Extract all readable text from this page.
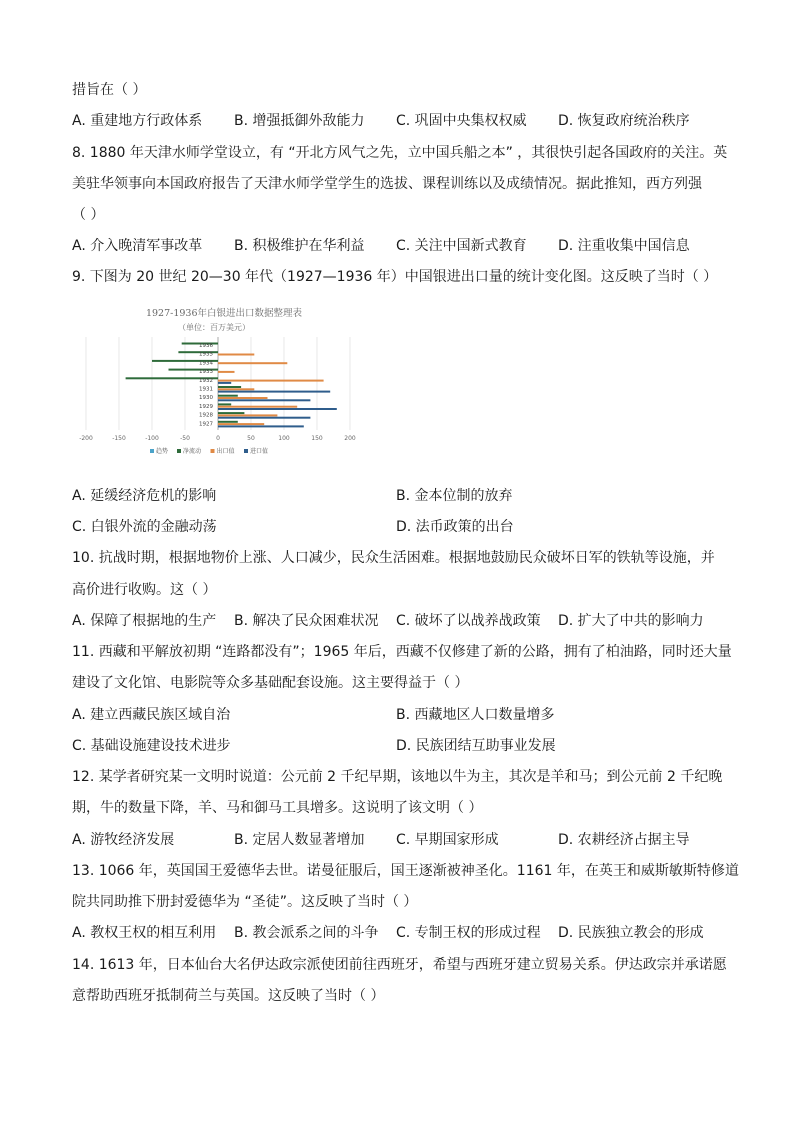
措旨在（ ）
A. 重建地方行政体系 B. 增强抵御外敌能力 C. 巩固中央集权权威 D. 恢复政府统治秩序
8. 1880 年天津水师学堂设立，有 “开北方风气之先，立中国兵船之本” ，其很快引起各国政府的关注。英
美驻华领事向本国政府报告了天津水师学堂学生的选拔、课程训练以及成绩情况。据此推知，西方列强
（ ）
A. 介入晚清军事改革 B. 积极维护在华利益 C. 关注中国新式教育 D. 注重收集中国信息
9. 下图为 20 世纪 20—30 年代（1927—1936 年）中国银进出口量的统计变化图。这反映了当时（ ）
1927-1936年白银进出口数据整理表
（单位：百万美元）
1936
1935
1934
1933
1932
1931
1930
1929
1928
1927
-200	-150	-100	-50	0	50	100	150	200
趋势 净流动	出口值	进口值
A. 延缓经济危机的影响	B. 金本位制的放弃
C. 白银外流的金融动荡	D. 法币政策的出台
10. 抗战时期，根据地物价上涨、人口减少，民众生活困难。根据地鼓励民众破坏日军的铁轨等设施，并
高价进行收购。这（ ）
A. 保障了根据地的生产 B. 解决了民众困难状况 C. 破坏了以战养战政策 D. 扩大了中共的影响力
11. 西藏和平解放初期 “连路都没有”；1965 年后，西藏不仅修建了新的公路，拥有了柏油路，同时还大量
建设了文化馆、电影院等众多基础配套设施。这主要得益于（ ）
A. 建立西藏民族区域自治	B. 西藏地区人口数量增多
C. 基础设施建设技术进步	D. 民族团结互助事业发展
12. 某学者研究某一文明时说道：公元前 2 千纪早期，该地以牛为主，其次是羊和马；到公元前 2 千纪晚
期，牛的数量下降，羊、马和御马工具增多。这说明了该文明（ ）
A. 游牧经济发展	B. 定居人数显著增加 C. 早期国家形成	D. 农耕经济占据主导
13. 1066 年，英国国王爱德华去世。诺曼征服后，国王逐渐被神圣化。1161 年，在英王和威斯敏斯特修道
院共同助推下册封爱德华为 “圣徒”。这反映了当时（ ）
A. 教权王权的相互利用 B. 教会派系之间的斗争 C. 专制王权的形成过程 D. 民族独立教会的形成
14. 1613 年，日本仙台大名伊达政宗派使团前往西班牙，希望与西班牙建立贸易关系。伊达政宗并承诺愿
意帮助西班牙抵制荷兰与英国。这反映了当时（ ）
